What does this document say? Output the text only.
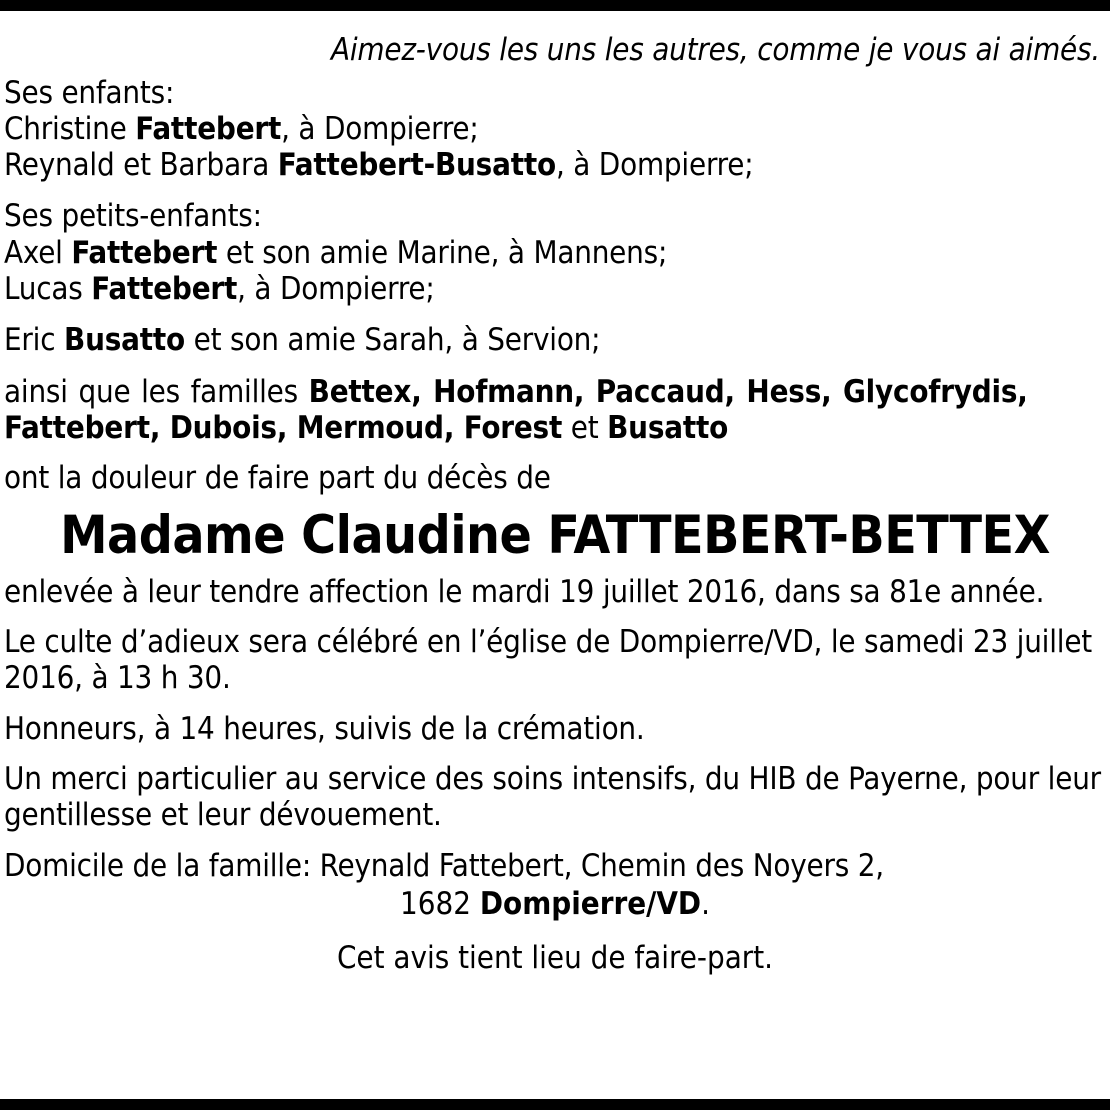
Aimez-vous les uns les autres, comme je vous ai aimés.
Ses enfants:
Christine Fattebert, à Dompierre;
Reynald et Barbara Fattebert-Busatto, à Dompierre;
Ses petits-enfants:
Axel Fattebert et son amie Marine, à Mannens;
Lucas Fattebert, à Dompierre;
Eric Busatto et son amie Sarah, à Servion;
ainsi que les familles Bettex, Hofmann, Paccaud, Hess, Glycofrydis,
Fattebert, Dubois, Mermoud, Forest et Busatto
ont la douleur de faire part du décès de
Madame Claudine FATTEBERT-BETTEX
enlevée à leur tendre affection le mardi 19 juillet 2016, dans sa 81e année.
Le culte d’adieux sera célébré en l’église de Dompierre/VD, le samedi 23 juillet 2016, à 13 h 30.
Honneurs, à 14 heures, suivis de la crémation.
Un merci particulier au service des soins intensifs, du HIB de Payerne, pour leur gentillesse et leur dévouement.
Domicile de la famille: Reynald Fattebert, Chemin des Noyers 2,
1682 Dompierre/VD.
Cet avis tient lieu de faire-part.
